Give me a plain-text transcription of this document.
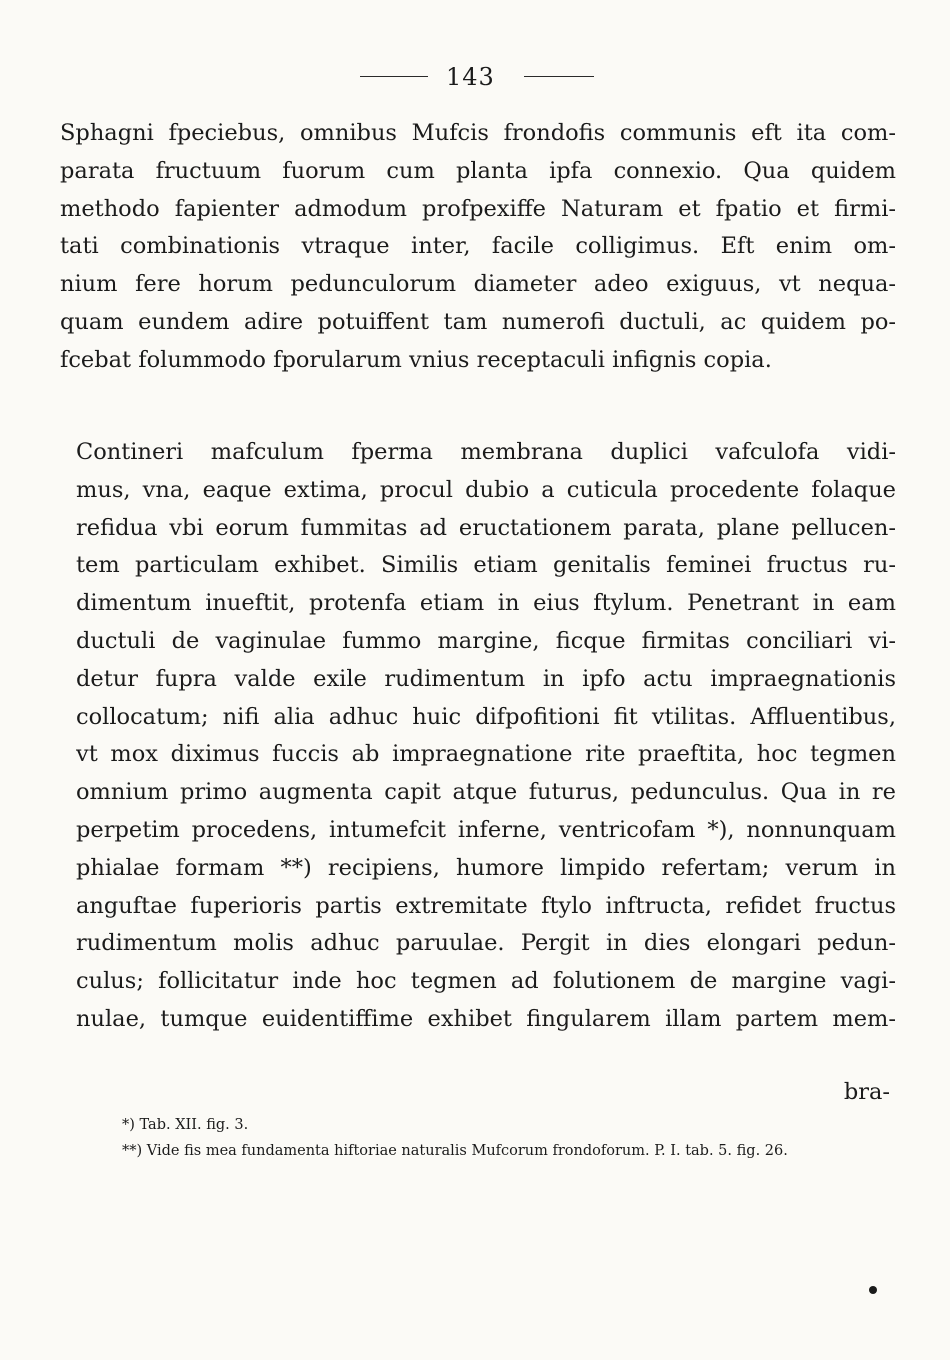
143

Sphagni fpeciebus, omnibus Mufcis frondofis communis eft ita com-
parata fructuum fuorum cum planta ipfa connexio. Qua quidem
methodo fapienter admodum profpexiffe Naturam et fpatio et firmi-
tati combinationis vtraque inter, facile colligimus. Eft enim om-
nium fere horum pedunculorum diameter adeo exiguus, vt nequa-
quam eundem adire potuiffent tam numerofi ductuli, ac quidem po-
fcebat folummodo fporularum vnius receptaculi infignis copia.

Contineri mafculum fperma membrana duplici vafculofa vidi-
mus, vna, eaque extima, procul dubio a cuticula procedente folaque
refidua vbi eorum fummitas ad eructationem parata, plane pellucen-
tem particulam exhibet. Similis etiam genitalis feminei fructus ru-
dimentum inueftit, protenfa etiam in eius ftylum. Penetrant in eam
ductuli de vaginulae fummo margine, ficque firmitas conciliari vi-
detur fupra valde exile rudimentum in ipfo actu impraegnationis
collocatum; nifi alia adhuc huic difpofitioni fit vtilitas. Affluentibus,
vt mox diximus fuccis ab impraegnatione rite praeftita, hoc tegmen
omnium primo augmenta capit atque futurus, pedunculus. Qua in re
perpetim procedens, intumefcit inferne, ventricofam *), nonnunquam
phialae formam **) recipiens, humore limpido refertam; verum in
anguftae fuperioris partis extremitate ftylo inftructa, refidet fructus
rudimentum molis adhuc paruulae. Pergit in dies elongari pedun-
culus; follicitatur inde hoc tegmen ad folutionem de margine vagi-
nulae, tumque euidentiffime exhibet fingularem illam partem mem-

bra-
*) Tab. XII. fig. 3.
**) Vide fis mea fundamenta hiftoriae naturalis Mufcorum frondoforum. P. I. tab. 5. fig. 26.
